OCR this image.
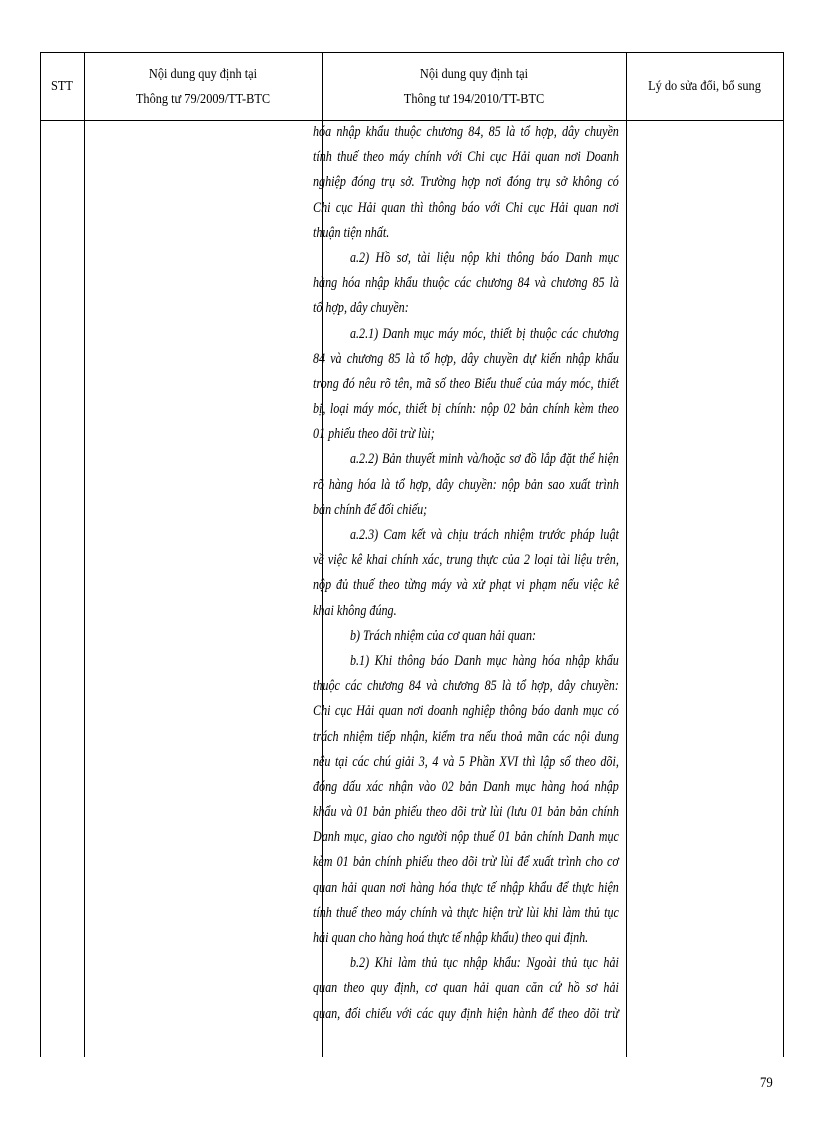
STT
Nội dung quy định tại
Thông tư 79/2009/TT-BTC
Nội dung quy định tại
Thông tư 194/2010/TT-BTC
Lý do sửa đổi, bổ sung
hóa nhập khẩu thuộc chương 84, 85 là tổ hợp, dây chuyền
tính thuế theo máy chính với Chi cục Hải quan nơi Doanh
nghiệp đóng trụ sở. Trường hợp nơi đóng trụ sở không có
Chi cục Hải quan thì thông báo với Chi cục Hải quan nơi
thuận tiện nhất.
a.2) Hồ sơ, tài liệu nộp khi thông báo Danh mục
hàng hóa nhập khẩu thuộc các chương 84 và chương 85 là
tổ hợp, dây chuyền:
a.2.1) Danh mục máy móc, thiết bị thuộc các chương
84 và chương 85 là tổ hợp, dây chuyền dự kiến nhập khẩu
trong đó nêu rõ tên, mã số theo Biểu thuế của máy móc, thiết
bị, loại máy móc, thiết bị chính: nộp 02 bản chính kèm theo
01 phiếu theo dõi trừ lùi;
a.2.2) Bản thuyết minh và/hoặc sơ đồ lắp đặt thể hiện
rõ hàng hóa là tổ hợp, dây chuyền: nộp bản sao xuất trình
bản chính để đối chiếu;
a.2.3) Cam kết và chịu trách nhiệm trước pháp luật
về việc kê khai chính xác, trung thực của 2 loại tài liệu trên,
nộp đủ thuế theo từng máy và xử phạt vi phạm nếu việc kê
khai không đúng.
b) Trách nhiệm của cơ quan hải quan:
b.1) Khi thông báo Danh mục hàng hóa nhập khẩu
thuộc các chương 84 và chương 85 là tổ hợp, dây chuyền:
Chi cục Hải quan nơi doanh nghiệp thông báo danh mục có
trách nhiệm tiếp nhận, kiểm tra nếu thoả mãn các nội dung
nêu tại các chú giải 3, 4 và 5 Phần XVI thì lập sổ theo dõi,
đóng dấu xác nhận vào 02 bản Danh mục hàng hoá nhập
khẩu và 01 bản phiếu theo dõi trừ lùi (lưu 01 bản bản chính
Danh mục, giao cho người nộp thuế 01 bản chính Danh mục
kèm 01 bản chính phiếu theo dõi trừ lùi để xuất trình cho cơ
quan hải quan nơi hàng hóa thực tế nhập khẩu để thực hiện
tính thuế theo máy chính và thực hiện trừ lùi khi làm thủ tục
hải quan cho hàng hoá thực tế nhập khẩu) theo qui định.
b.2) Khi làm thủ tục nhập khẩu: Ngoài thủ tục hải
quan theo quy định, cơ quan hải quan căn cứ hồ sơ hải
quan, đối chiếu với các quy định hiện hành để theo dõi trừ
79
